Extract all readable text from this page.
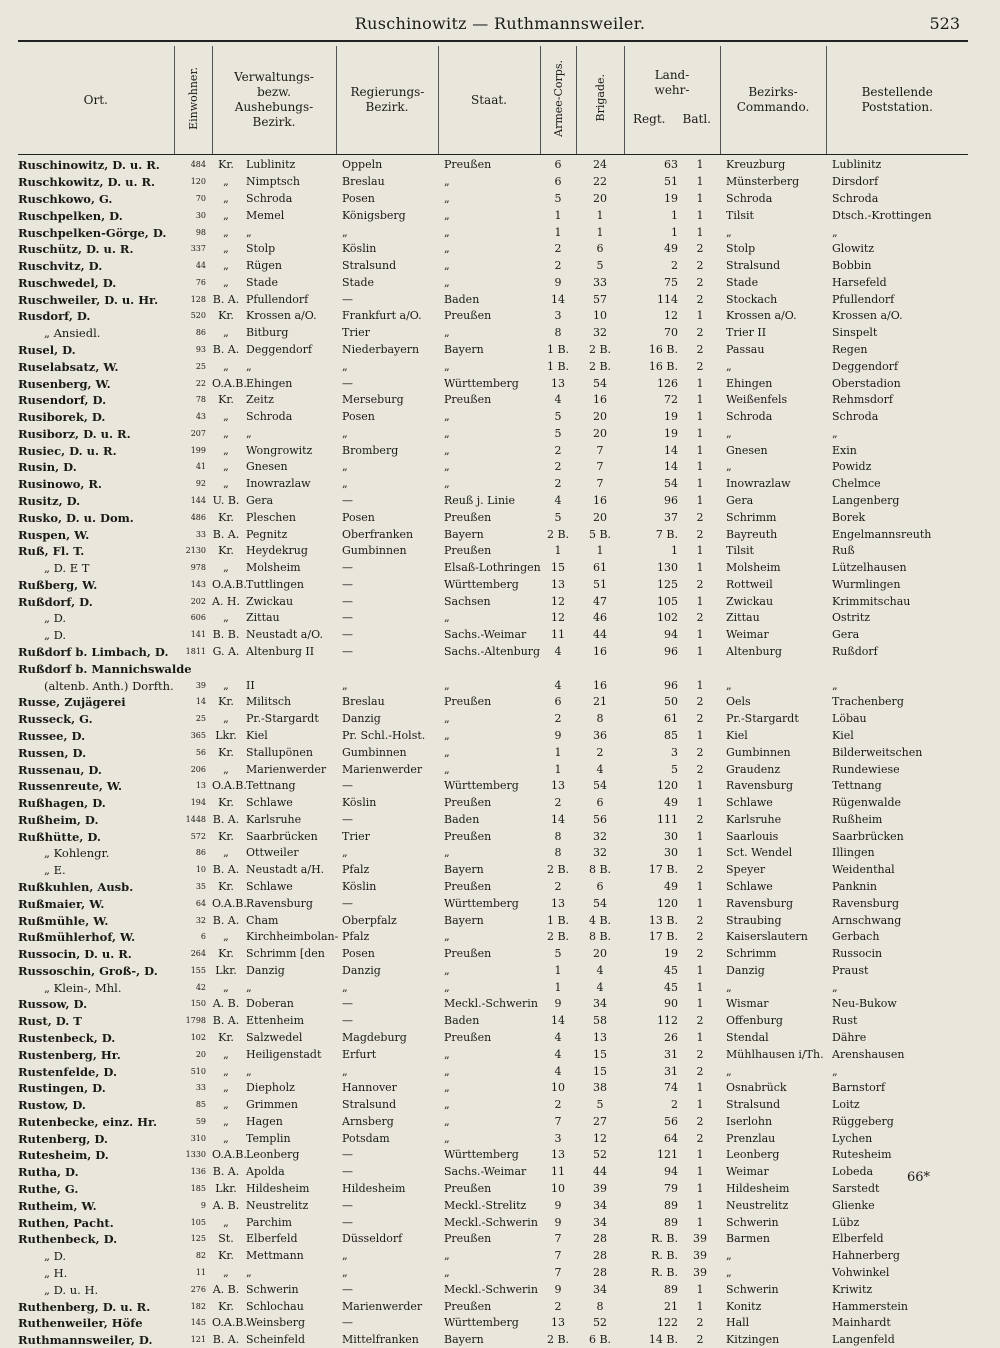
Ruschinowitz — Ruthmannsweiler.	523
Ort.	Einwohner.	Verwaltungs- bezw. Aushebungs- Bezirk.		Regierungs- Bezirk.	Staat.	Armee-Corps.	Brigade.	Land- wehr-
Regt. Batl.		Bezirks- Commando.	Bestellende Poststation.
Ruschinowitz, D. u. R.	484	Kr.	Lublinitz	Oppeln	Preußen	6	24	63	1	Kreuzburg	Lublinitz
Ruschkowitz, D. u. R.	120	„	Nimptsch	Breslau	„	6	22	51	1	Münsterberg	Dirsdorf
Ruschkowo, G.	70	„	Schroda	Posen	„	5	20	19	1	Schroda	Schroda
Ruschpelken, D.	30	„	Memel	Königsberg	„	1	1	1	1	Tilsit	Dtsch.-Krottingen
Ruschpelken-Görge, D.	98	„	„	„	„	1	1	1	1	„	„
Ruschütz, D. u. R.	337	„	Stolp	Köslin	„	2	6	49	2	Stolp	Glowitz
Ruschvitz, D.	44	„	Rügen	Stralsund	„	2	5	2	2	Stralsund	Bobbin
Ruschwedel, D.	76	„	Stade	Stade	„	9	33	75	2	Stade	Harsefeld
Ruschweiler, D. u. Hr.	128	B. A.	Pfullendorf	—	Baden	14	57	114	2	Stockach	Pfullendorf
Rusdorf, D.	520	Kr.	Krossen a/O.	Frankfurt a/O.	Preußen	3	10	12	1	Krossen a/O.	Krossen a/O.
„ Ansiedl.	86	„	Bitburg	Trier	„	8	32	70	2	Trier II	Sinspelt
Rusel, D.	93	B. A.	Deggendorf	Niederbayern	Bayern	1 B.	2 B.	16 B.	2	Passau	Regen
Ruselabsatz, W.	25	„	„	„	„	1 B.	2 B.	16 B.	2	„	Deggendorf
Rusenberg, W.	22	O.A.B.	Ehingen	—	Württemberg	13	54	126	1	Ehingen	Oberstadion
Rusendorf, D.	78	Kr.	Zeitz	Merseburg	Preußen	4	16	72	1	Weißenfels	Rehmsdorf
Rusiborek, D.	43	„	Schroda	Posen	„	5	20	19	1	Schroda	Schroda
Rusiborz, D. u. R.	207	„	„	„	„	5	20	19	1	„	„
Rusiec, D. u. R.	199	„	Wongrowitz	Bromberg	„	2	7	14	1	Gnesen	Exin
Rusin, D.	41	„	Gnesen	„	„	2	7	14	1	„	Powidz
Rusinowo, R.	92	„	Inowrazlaw	„	„	2	7	54	1	Inowrazlaw	Chelmce
Rusitz, D.	144	U. B.	Gera	—	Reuß j. Linie	4	16	96	1	Gera	Langenberg
Rusko, D. u. Dom.	486	Kr.	Pleschen	Posen	Preußen	5	20	37	2	Schrimm	Borek
Ruspen, W.	33	B. A.	Pegnitz	Oberfranken	Bayern	2 B.	5 B.	7 B.	2	Bayreuth	Engelmannsreuth
Ruß, Fl. T.	2130	Kr.	Heydekrug	Gumbinnen	Preußen	1	1	1	1	Tilsit	Ruß
„ D. E T	978	„	Molsheim	—	Elsaß-Lothringen	15	61	130	1	Molsheim	Lützelhausen
Rußberg, W.	143	O.A.B.	Tuttlingen	—	Württemberg	13	51	125	2	Rottweil	Wurmlingen
Rußdorf, D.	202	A. H.	Zwickau	—	Sachsen	12	47	105	1	Zwickau	Krimmitschau
„ D.	606	„	Zittau	—	„	12	46	102	2	Zittau	Ostritz
„ D.	141	B. B.	Neustadt a/O.	—	Sachs.-Weimar	11	44	94	1	Weimar	Gera
Rußdorf b. Limbach, D.	1811	G. A.	Altenburg II	—	Sachs.-Altenburg	4	16	96	1	Altenburg	Rußdorf
Rußdorf b. Mannichswalde											
(altenb. Anth.) Dorfth.	39	„	II	„	„	4	16	96	1	„	„
Russe, Zujägerei	14	Kr.	Militsch	Breslau	Preußen	6	21	50	2	Oels	Trachenberg
Russeck, G.	25	„	Pr.-Stargardt	Danzig	„	2	8	61	2	Pr.-Stargardt	Löbau
Russee, D.	365	Lkr.	Kiel	Pr. Schl.-Holst.	„	9	36	85	1	Kiel	Kiel
Russen, D.	56	Kr.	Stallupönen	Gumbinnen	„	1	2	3	2	Gumbinnen	Bilderweitschen
Russenau, D.	206	„	Marienwerder	Marienwerder	„	1	4	5	2	Graudenz	Rundewiese
Russenreute, W.	13	O.A.B.	Tettnang	—	Württemberg	13	54	120	1	Ravensburg	Tettnang
Rußhagen, D.	194	Kr.	Schlawe	Köslin	Preußen	2	6	49	1	Schlawe	Rügenwalde
Rußheim, D.	1448	B. A.	Karlsruhe	—	Baden	14	56	111	2	Karlsruhe	Rußheim
Rußhütte, D.	572	Kr.	Saarbrücken	Trier	Preußen	8	32	30	1	Saarlouis	Saarbrücken
„ Kohlengr.	86	„	Ottweiler	„	„	8	32	30	1	Sct. Wendel	Illingen
„ E.	10	B. A.	Neustadt a/H.	Pfalz	Bayern	2 B.	8 B.	17 B.	2	Speyer	Weidenthal
Rußkuhlen, Ausb.	35	Kr.	Schlawe	Köslin	Preußen	2	6	49	1	Schlawe	Panknin
Rußmaier, W.	64	O.A.B.	Ravensburg	—	Württemberg	13	54	120	1	Ravensburg	Ravensburg
Rußmühle, W.	32	B. A.	Cham	Oberpfalz	Bayern	1 B.	4 B.	13 B.	2	Straubing	Arnschwang
Rußmühlerhof, W.	6	„	Kirchheimbolan-	Pfalz	„	2 B.	8 B.	17 B.	2	Kaiserslautern	Gerbach
Russocin, D. u. R.	264	Kr.	Schrimm [den	Posen	Preußen	5	20	19	2	Schrimm	Russocin
Russoschin, Groß-, D.	155	Lkr.	Danzig	Danzig	„	1	4	45	1	Danzig	Praust
„ Klein-, Mhl.	42	„	„	„	„	1	4	45	1	„	„
Russow, D.	150	A. B.	Doberan	—	Meckl.-Schwerin	9	34	90	1	Wismar	Neu-Bukow
Rust, D. T	1798	B. A.	Ettenheim	—	Baden	14	58	112	2	Offenburg	Rust
Rustenbeck, D.	102	Kr.	Salzwedel	Magdeburg	Preußen	4	13	26	1	Stendal	Dähre
Rustenberg, Hr.	20	„	Heiligenstadt	Erfurt	„	4	15	31	2	Mühlhausen i/Th.	Arenshausen
Rustenfelde, D.	510	„	„	„	„	4	15	31	2	„	„
Rustingen, D.	33	„	Diepholz	Hannover	„	10	38	74	1	Osnabrück	Barnstorf
Rustow, D.	85	„	Grimmen	Stralsund	„	2	5	2	1	Stralsund	Loitz
Rutenbecke, einz. Hr.	59	„	Hagen	Arnsberg	„	7	27	56	2	Iserlohn	Rüggeberg
Rutenberg, D.	310	„	Templin	Potsdam	„	3	12	64	2	Prenzlau	Lychen
Rutesheim, D.	1330	O.A.B.	Leonberg	—	Württemberg	13	52	121	1	Leonberg	Rutesheim
Rutha, D.	136	B. A.	Apolda	—	Sachs.-Weimar	11	44	94	1	Weimar	Lobeda
Ruthe, G.	185	Lkr.	Hildesheim	Hildesheim	Preußen	10	39	79	1	Hildesheim	Sarstedt
Rutheim, W.	9	A. B.	Neustrelitz	—	Meckl.-Strelitz	9	34	89	1	Neustrelitz	Glienke
Ruthen, Pacht.	105	„	Parchim	—	Meckl.-Schwerin	9	34	89	1	Schwerin	Lübz
Ruthenbeck, D.	125	St.	Elberfeld	Düsseldorf	Preußen	7	28	R. B.	39	Barmen	Elberfeld
„ D.	82	Kr.	Mettmann	„	„	7	28	R. B.	39	„	Hahnerberg
„ H.	11	„	„	„	„	7	28	R. B.	39	„	Vohwinkel
„ D. u. H.	276	A. B.	Schwerin	—	Meckl.-Schwerin	9	34	89	1	Schwerin	Kriwitz
Ruthenberg, D. u. R.	182	Kr.	Schlochau	Marienwerder	Preußen	2	8	21	1	Konitz	Hammerstein
Ruthenweiler, Höfe	145	O.A.B.	Weinsberg	—	Württemberg	13	52	122	2	Hall	Mainhardt
Ruthmannsweiler, D.	121	B. A.	Scheinfeld	Mittelfranken	Bayern	2 B.	6 B.	14 B.	2	Kitzingen	Langenfeld
66*
